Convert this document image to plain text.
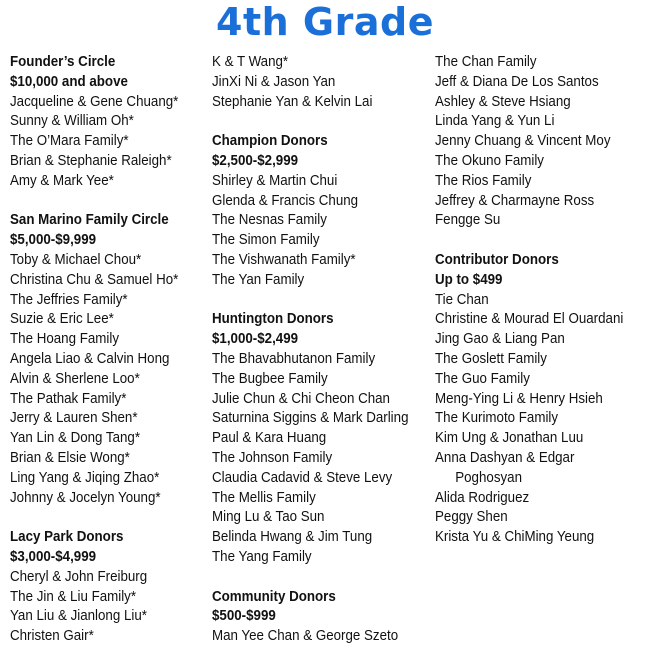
4th Grade
Founder’s Circle
$10,000 and above
Jacqueline & Gene Chuang*
Sunny & William Oh*
The O’Mara Family*
Brian & Stephanie Raleigh*
Amy & Mark Yee*
San Marino Family Circle
$5,000-$9,999
Toby & Michael Chou*
Christina Chu & Samuel Ho*
The Jeffries Family*
Suzie & Eric Lee*
The Hoang Family
Angela Liao & Calvin Hong
Alvin & Sherlene Loo*
The Pathak Family*
Jerry & Lauren Shen*
Yan Lin & Dong Tang*
Brian & Elsie Wong*
Ling Yang & Jiqing Zhao*
Johnny & Jocelyn Young*
Lacy Park Donors
$3,000-$4,999
Cheryl & John Freiburg
The Jin & Liu Family*
Yan Liu & Jianlong Liu*
Christen Gair*
K & T Wang*
JinXi Ni & Jason Yan
Stephanie Yan & Kelvin Lai
Champion Donors
$2,500-$2,999
Shirley & Martin Chui
Glenda & Francis Chung
The Nesnas Family
The Simon Family
The Vishwanath Family*
The Yan Family
Huntington Donors
$1,000-$2,499
The Bhavabhutanon Family
The Bugbee Family
Julie Chun & Chi Cheon Chan
Saturnina Siggins & Mark Darling
Paul & Kara Huang
The Johnson Family
Claudia Cadavid & Steve Levy
The Mellis Family
Ming Lu & Tao Sun
Belinda Hwang & Jim Tung
The Yang Family
Community Donors
$500-$999
Man Yee Chan & George Szeto
The Chan Family
Jeff & Diana De Los Santos
Ashley & Steve Hsiang
Linda Yang & Yun Li
Jenny Chuang & Vincent Moy
The Okuno Family
The Rios Family
Jeffrey & Charmayne Ross
Fengge Su
Contributor Donors
Up to $499
Tie Chan
Christine & Mourad El Ouardani
Jing Gao & Liang Pan
The Goslett Family
The Guo Family
Meng-Ying Li & Henry Hsieh
The Kurimoto Family
Kim Ung & Jonathan Luu
Anna Dashyan & Edgar
Poghosyan
Alida Rodriguez
Peggy Shen
Krista Yu & ChiMing Yeung
